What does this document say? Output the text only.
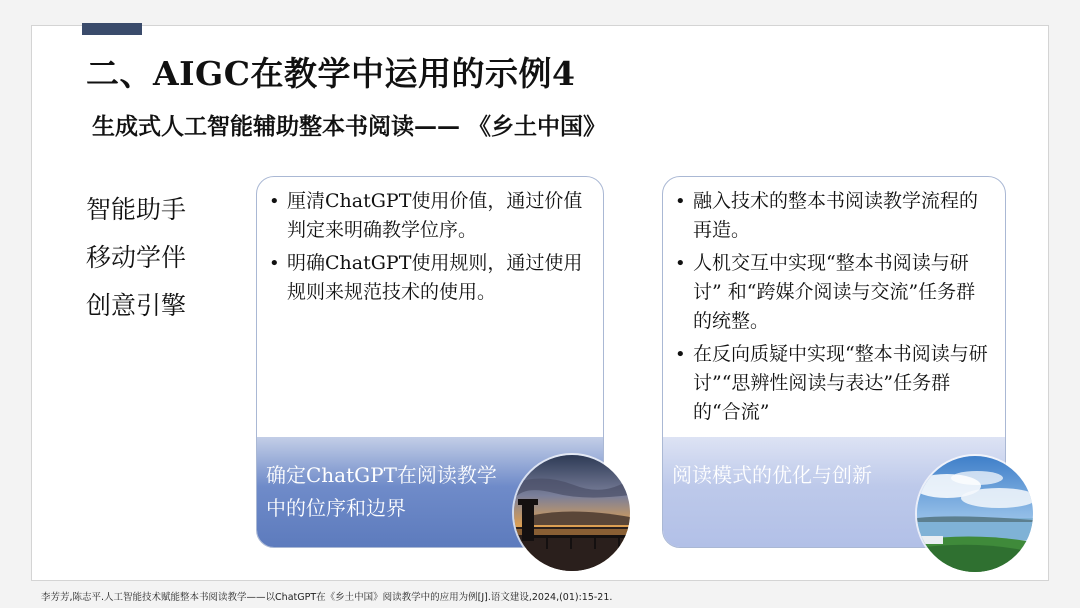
二、AIGC在教学中运用的示例4
生成式人工智能辅助整本书阅读—— 《乡土中国》
智能助手
移动学伴
创意引擎
• 厘清ChatGPT使用价值，通过价值判定来明确教学位序。
• 明确ChatGPT使用规则，通过使用规则来规范技术的使用。
确定ChatGPT在阅读教学中的位序和边界
• 融入技术的整本书阅读教学流程的再造。
• 人机交互中实现“整本书阅读与研讨” 和“跨媒介阅读与交流”任务群的统整。
• 在反向质疑中实现“整本书阅读与研讨”“思辨性阅读与表达”任务群的“合流”
阅读模式的优化与创新

李芳芳,陈志平.人工智能技术赋能整本书阅读教学——以ChatGPT在《乡土中国》阅读教学中的应用为例[J].语文建设,2024,(01):15-21.
